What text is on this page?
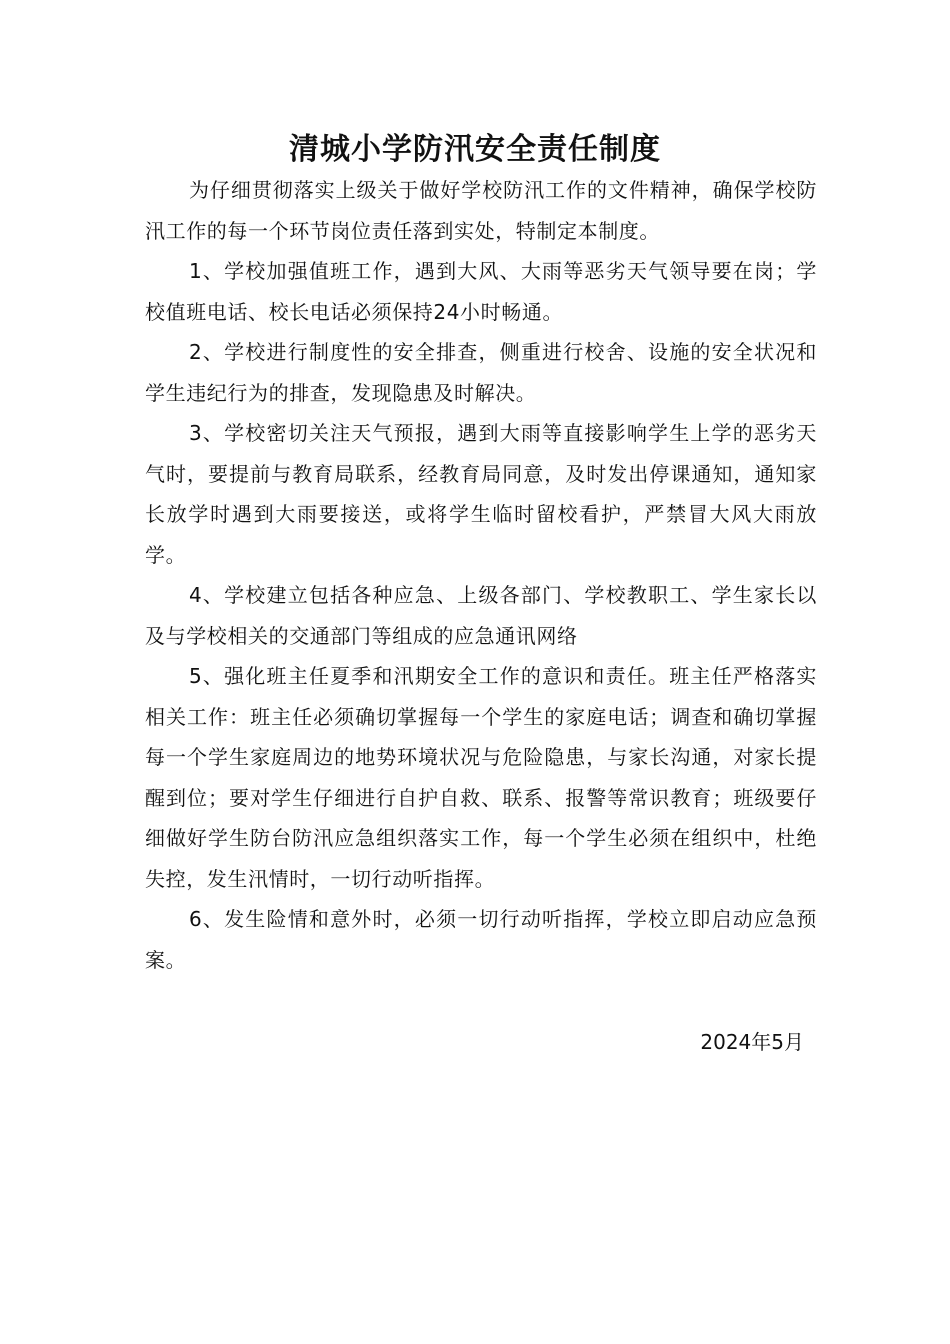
清城小学防汛安全责任制度

为仔细贯彻落实上级关于做好学校防汛工作的文件精神，确保学校防汛工作的每一个环节岗位责任落到实处，特制定本制度。

1、学校加强值班工作，遇到大风、大雨等恶劣天气领导要在岗；学校值班电话、校长电话必须保持24小时畅通。

2、学校进行制度性的安全排查，侧重进行校舍、设施的安全状况和学生违纪行为的排查，发现隐患及时解决。

3、学校密切关注天气预报，遇到大雨等直接影响学生上学的恶劣天气时，要提前与教育局联系，经教育局同意，及时发出停课通知，通知家长放学时遇到大雨要接送，或将学生临时留校看护，严禁冒大风大雨放学。

4、学校建立包括各种应急、上级各部门、学校教职工、学生家长以及与学校相关的交通部门等组成的应急通讯网络

5、强化班主任夏季和汛期安全工作的意识和责任。班主任严格落实相关工作：班主任必须确切掌握每一个学生的家庭电话；调查和确切掌握每一个学生家庭周边的地势环境状况与危险隐患，与家长沟通，对家长提醒到位；要对学生仔细进行自护自救、联系、报警等常识教育；班级要仔细做好学生防台防汛应急组织落实工作，每一个学生必须在组织中，杜绝失控，发生汛情时，一切行动听指挥。

6、发生险情和意外时，必须一切行动听指挥，学校立即启动应急预案。

2024年5月
